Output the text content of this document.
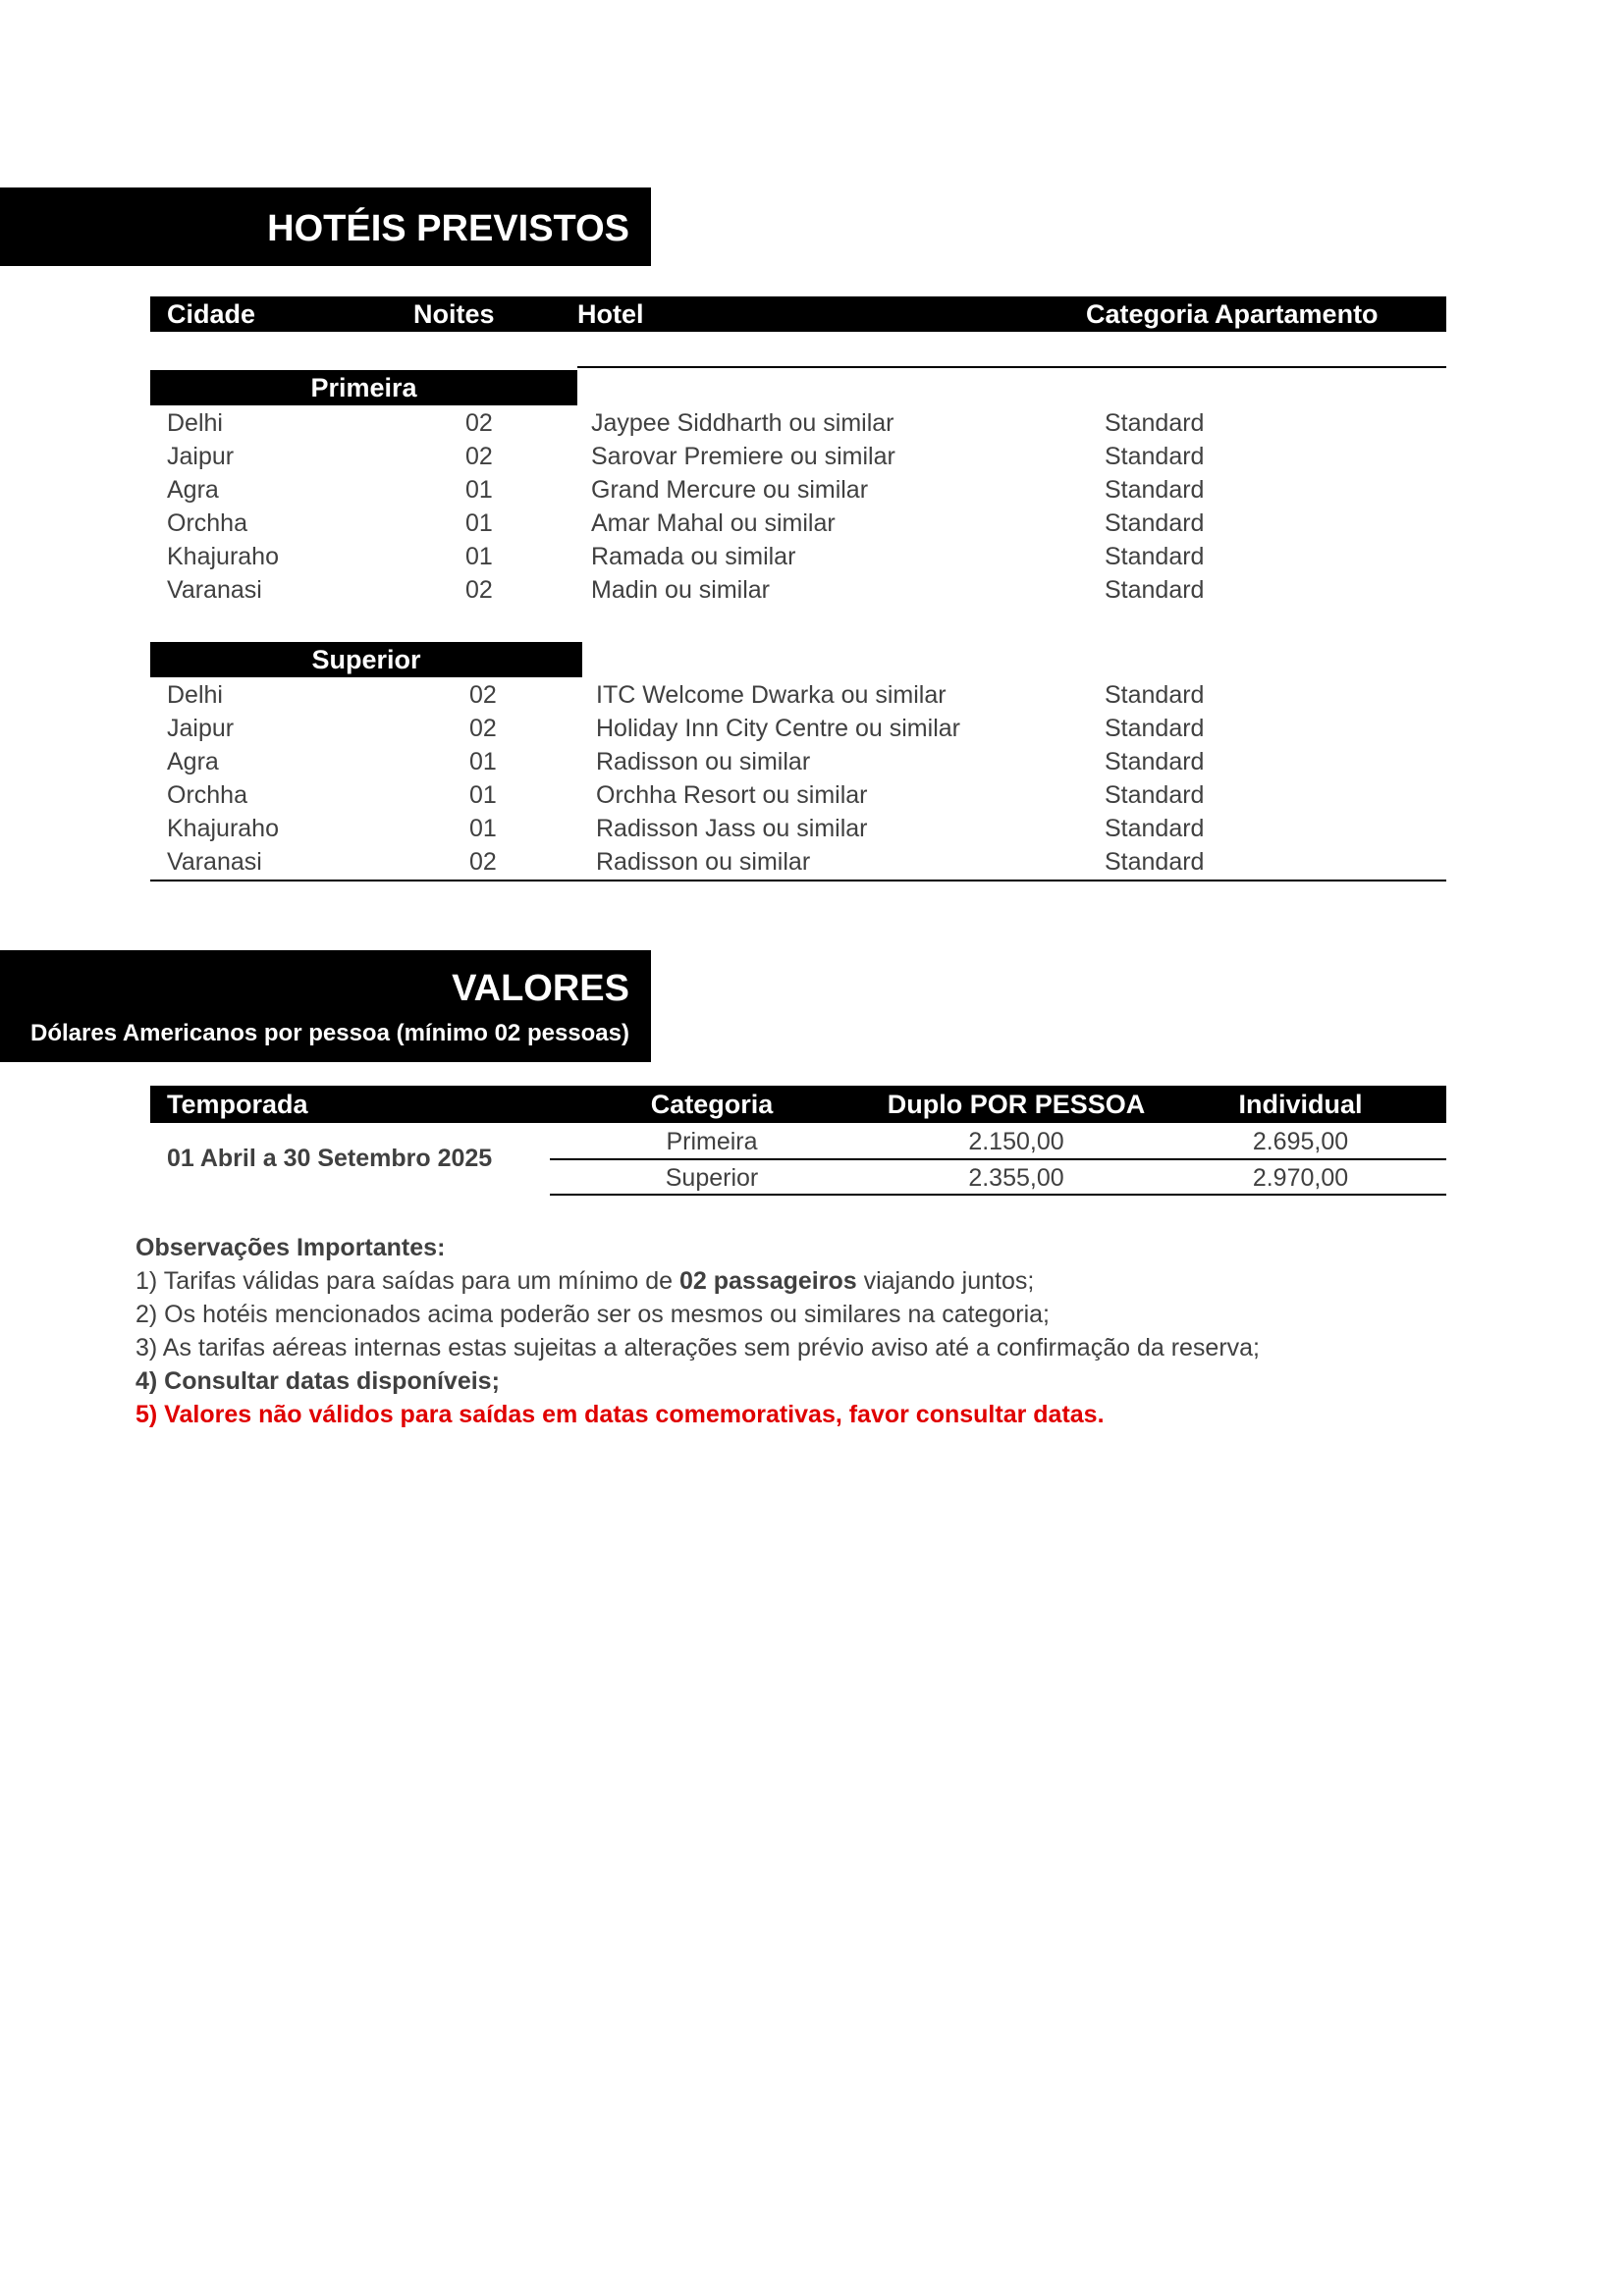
HOTÉIS PREVISTOS
Cidade	Noites	Hotel	Categoria Apartamento
Primeira
Delhi	02	Jaypee Siddharth ou similar	Standard
Jaipur	02	Sarovar Premiere ou similar	Standard
Agra	01	Grand Mercure ou similar	Standard
Orchha	01	Amar Mahal ou similar	Standard
Khajuraho	01	Ramada ou similar	Standard
Varanasi	02	Madin ou similar	Standard
Superior
Delhi	02	ITC Welcome Dwarka ou similar	Standard
Jaipur	02	Holiday Inn City Centre ou similar	Standard
Agra	01	Radisson ou similar	Standard
Orchha	01	Orchha Resort ou similar	Standard
Khajuraho	01	Radisson Jass ou similar	Standard
Varanasi	02	Radisson ou similar	Standard
VALORES
Dólares Americanos por pessoa (mínimo 02 pessoas)
Temporada	Categoria	Duplo POR PESSOA	Individual
01 Abril a 30 Setembro 2025
Primeira	2.150,00	2.695,00
Superior	2.355,00	2.970,00
Observações Importantes:
1) Tarifas válidas para saídas para um mínimo de 02 passageiros viajando juntos;
2) Os hotéis mencionados acima poderão ser os mesmos ou similares na categoria;
3) As tarifas aéreas internas estas sujeitas a alterações sem prévio aviso até a confirmação da reserva;
4) Consultar datas disponíveis;
5) Valores não válidos para saídas em datas comemorativas, favor consultar datas.
